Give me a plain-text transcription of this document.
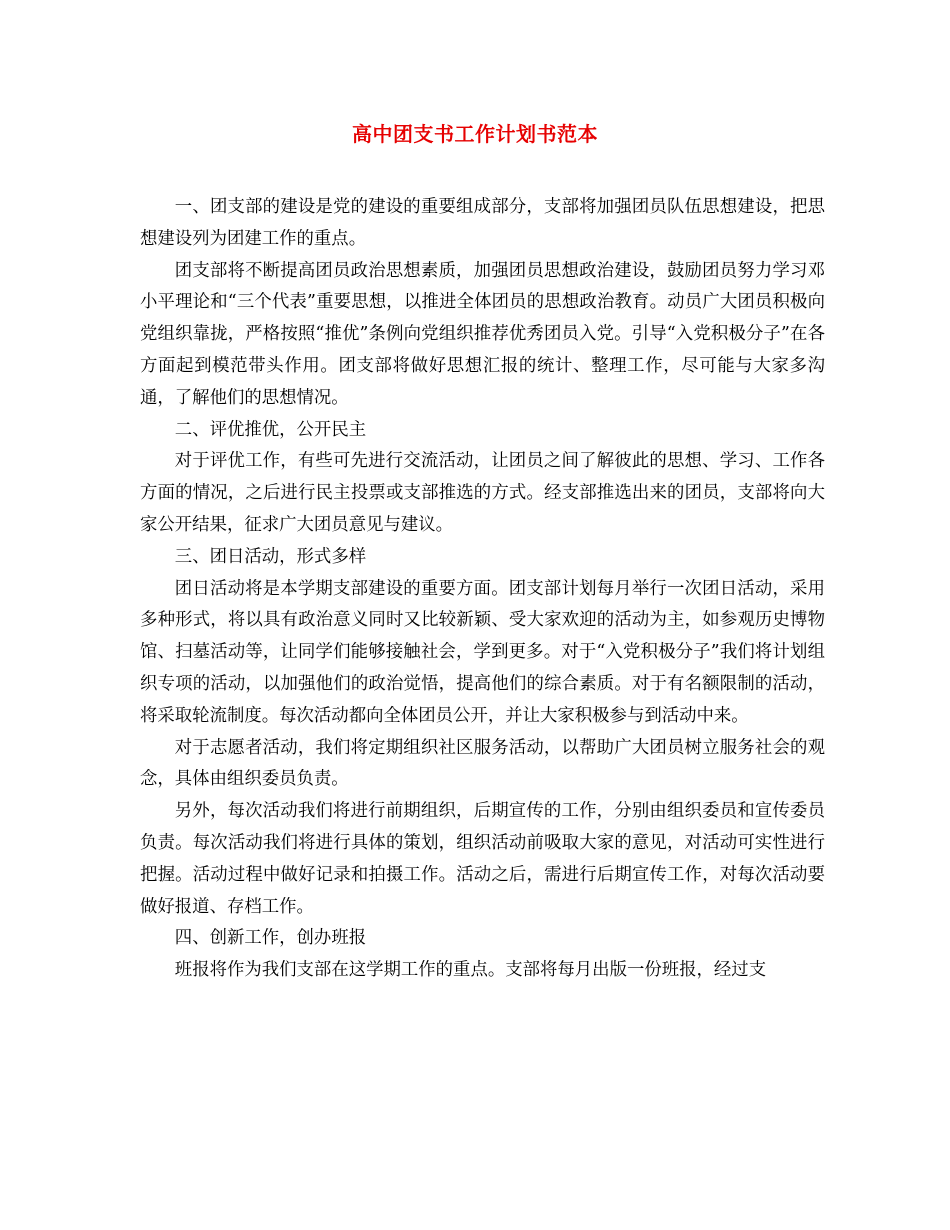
高中团支书工作计划书范本

一、团支部的建设是党的建设的重要组成部分，支部将加强团员队伍思想建设，把思想建设列为团建工作的重点。

团支部将不断提高团员政治思想素质，加强团员思想政治建设，鼓励团员努力学习邓小平理论和“三个代表”重要思想，以推进全体团员的思想政治教育。动员广大团员积极向党组织靠拢，严格按照“推优”条例向党组织推荐优秀团员入党。引导“入党积极分子”在各方面起到模范带头作用。团支部将做好思想汇报的统计、整理工作，尽可能与大家多沟通，了解他们的思想情况。

二、评优推优，公开民主

对于评优工作，有些可先进行交流活动，让团员之间了解彼此的思想、学习、工作各方面的情况，之后进行民主投票或支部推选的方式。经支部推选出来的团员，支部将向大家公开结果，征求广大团员意见与建议。

三、团日活动，形式多样

团日活动将是本学期支部建设的重要方面。团支部计划每月举行一次团日活动，采用多种形式，将以具有政治意义同时又比较新颖、受大家欢迎的活动为主，如参观历史博物馆、扫墓活动等，让同学们能够接触社会，学到更多。对于“入党积极分子”我们将计划组织专项的活动，以加强他们的政治觉悟，提高他们的综合素质。对于有名额限制的活动，将采取轮流制度。每次活动都向全体团员公开，并让大家积极参与到活动中来。

对于志愿者活动，我们将定期组织社区服务活动，以帮助广大团员树立服务社会的观念，具体由组织委员负责。

另外，每次活动我们将进行前期组织，后期宣传的工作，分别由组织委员和宣传委员负责。每次活动我们将进行具体的策划，组织活动前吸取大家的意见，对活动可实性进行把握。活动过程中做好记录和拍摄工作。活动之后，需进行后期宣传工作，对每次活动要做好报道、存档工作。

四、创新工作，创办班报

班报将作为我们支部在这学期工作的重点。支部将每月出版一份班报，经过支
